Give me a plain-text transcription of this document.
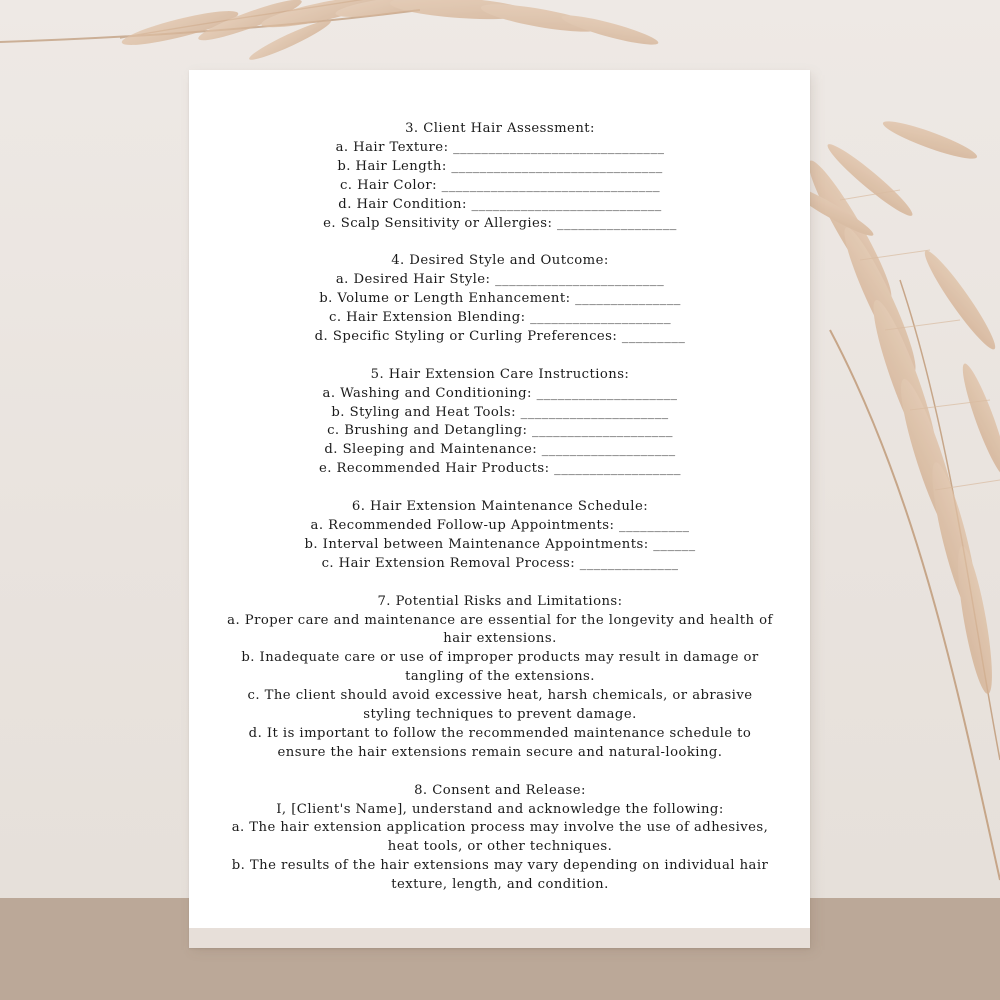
3. Client Hair Assessment:
a. Hair Texture: ______________________________
b. Hair Length: ______________________________
c. Hair Color: _______________________________
d. Hair Condition: ___________________________
e. Scalp Sensitivity or Allergies: _________________
4. Desired Style and Outcome:
a. Desired Hair Style: ________________________
b. Volume or Length Enhancement: _______________
c. Hair Extension Blending: ____________________
d. Specific Styling or Curling Preferences: _________
5. Hair Extension Care Instructions:
a. Washing and Conditioning: ____________________
b. Styling and Heat Tools: _____________________
c. Brushing and Detangling: ____________________
d. Sleeping and Maintenance: ___________________
e. Recommended Hair Products: __________________
6. Hair Extension Maintenance Schedule:
a. Recommended Follow-up Appointments: __________
b. Interval between Maintenance Appointments: ______
c. Hair Extension Removal Process: ______________
7. Potential Risks and Limitations:
a. Proper care and maintenance are essential for the longevity and health of
hair extensions.
b. Inadequate care or use of improper products may result in damage or
tangling of the extensions.
c. The client should avoid excessive heat, harsh chemicals, or abrasive
styling techniques to prevent damage.
d. It is important to follow the recommended maintenance schedule to
ensure the hair extensions remain secure and natural-looking.
8. Consent and Release:
I, [Client's Name], understand and acknowledge the following:
a. The hair extension application process may involve the use of adhesives,
heat tools, or other techniques.
b. The results of the hair extensions may vary depending on individual hair
texture, length, and condition.
